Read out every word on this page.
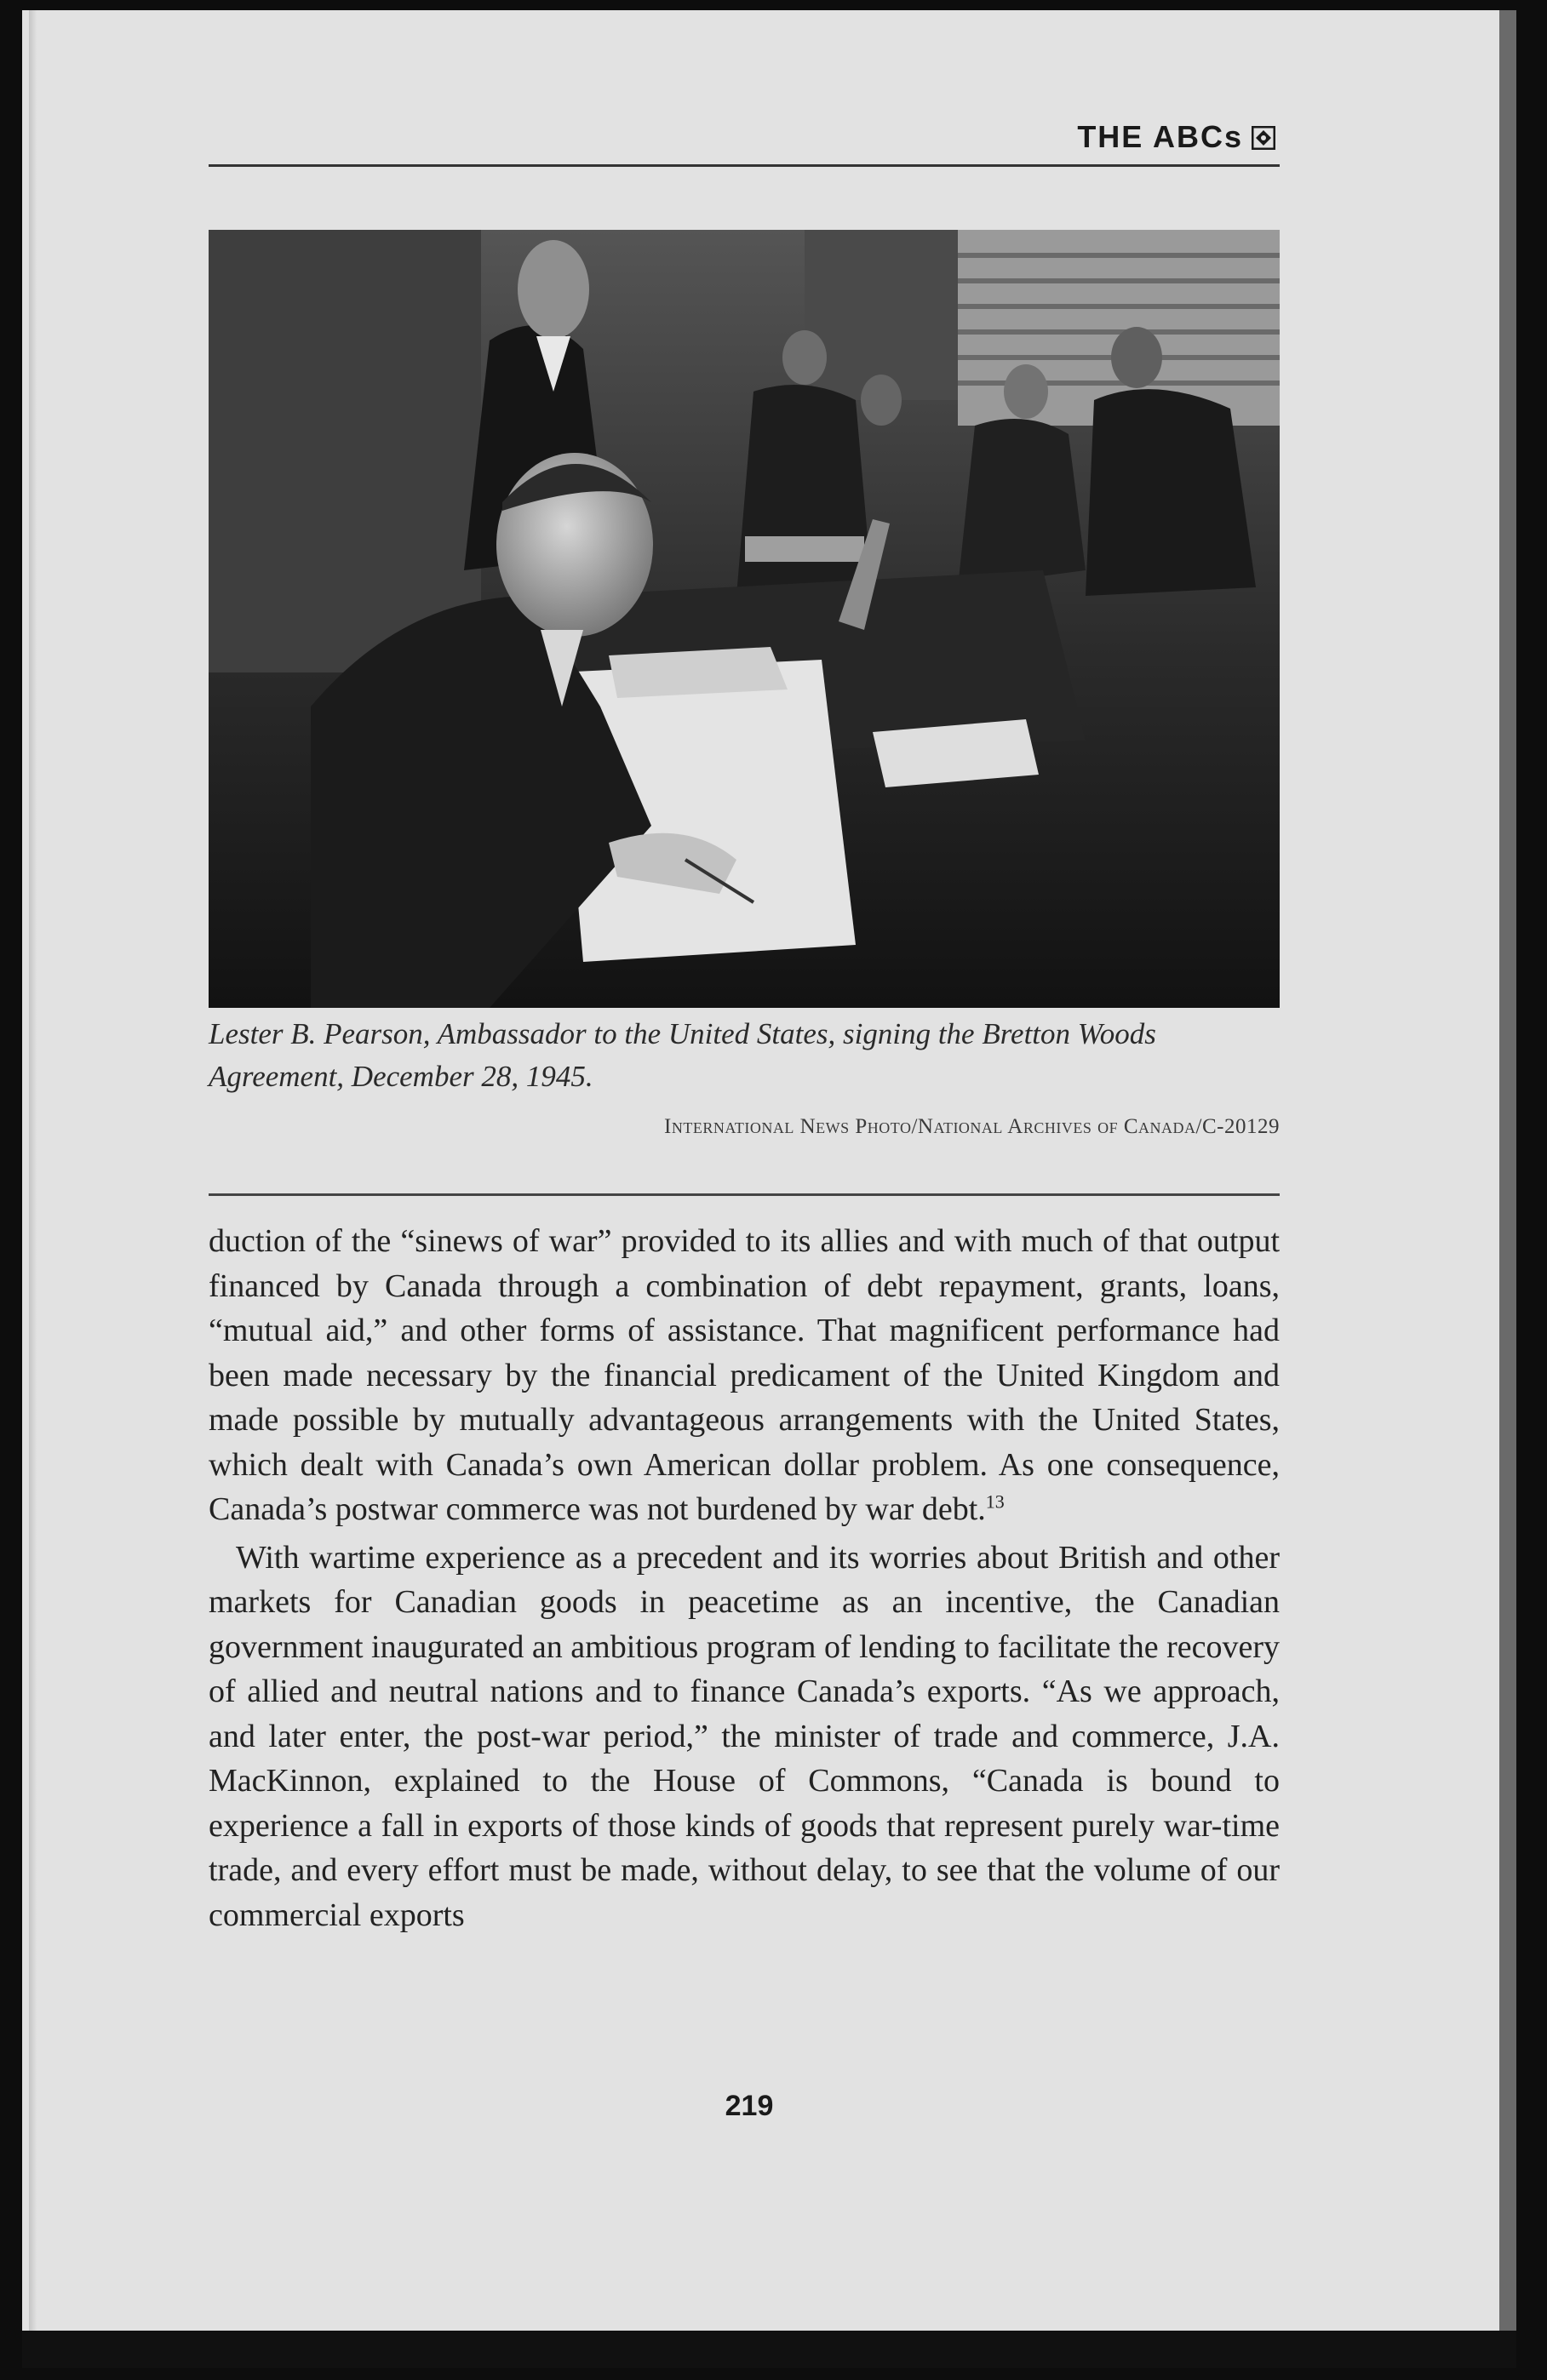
THE ABCs
Lester B. Pearson, Ambassador to the United States, signing the Bretton Woods
Agreement, December 28, 1945.
International News Photo/National Archives of Canada/C-20129

duction of the “sinews of war” provided to its allies and with much of that output financed by Canada through a combination of debt repayment, grants, loans, “mutual aid,” and other forms of assistance. That magnificent performance had been made necessary by the financial predicament of the United Kingdom and made possible by mutually advantageous arrangements with the United States, which dealt with Canada’s own American dollar problem. As one consequence, Canada’s postwar commerce was not burdened by war debt.$^{13}$

With wartime experience as a precedent and its worries about British and other markets for Canadian goods in peacetime as an incentive, the Canadian government inaugurated an ambitious program of lending to facilitate the recovery of allied and neutral nations and to finance Canada’s exports. “As we approach, and later enter, the post-war period,” the minister of trade and commerce, J.A. MacKinnon, explained to the House of Commons, “Canada is bound to experience a fall in exports of those kinds of goods that represent purely war-time trade, and every effort must be made, without delay, to see that the volume of our commercial exports

219
